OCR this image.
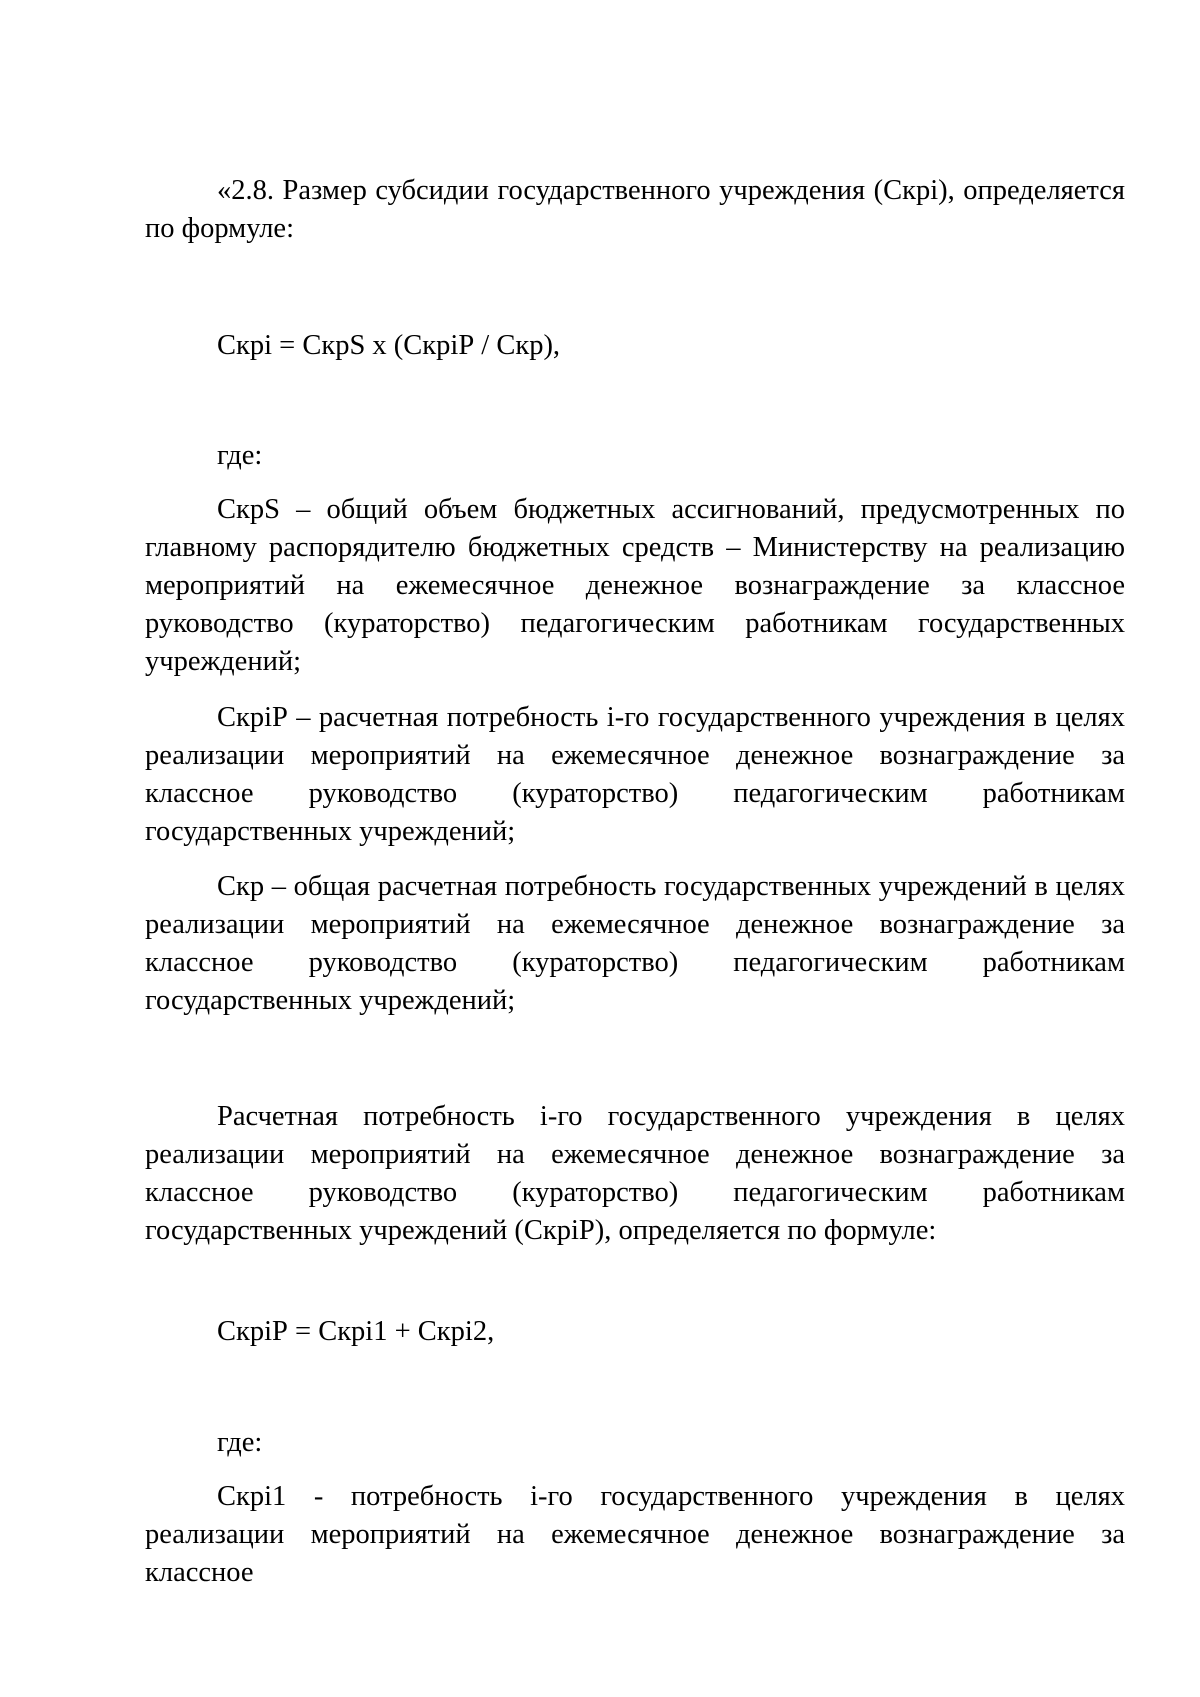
«2.8. Размер субсидии государственного учреждения (Скрi), определяется по формуле:

Скрi = СкрS x (СкрiР / Скр),

где:

СкрS – общий объем бюджетных ассигнований, предусмотренных по главному распорядителю бюджетных средств – Министерству на реализацию мероприятий на ежемесячное денежное вознаграждение за классное руководство (кураторство) педагогическим работникам государственных учреждений;

СкрiР – расчетная потребность i-го государственного учреждения в целях реализации мероприятий на ежемесячное денежное вознаграждение за классное руководство (кураторство) педагогическим работникам государственных учреждений;

Скр – общая расчетная потребность государственных учреждений в целях реализации мероприятий на ежемесячное денежное вознаграждение за классное руководство (кураторство) педагогическим работникам государственных учреждений;

Расчетная потребность i-го государственного учреждения в целях реализации мероприятий на ежемесячное денежное вознаграждение за классное руководство (кураторство) педагогическим работникам государственных учреждений (СкрiР), определяется по формуле:

СкрiР = Скрi1 + Скрi2,

где:

Скрi1 - потребность i-го государственного учреждения в целях реализации мероприятий на ежемесячное денежное вознаграждение за классное
